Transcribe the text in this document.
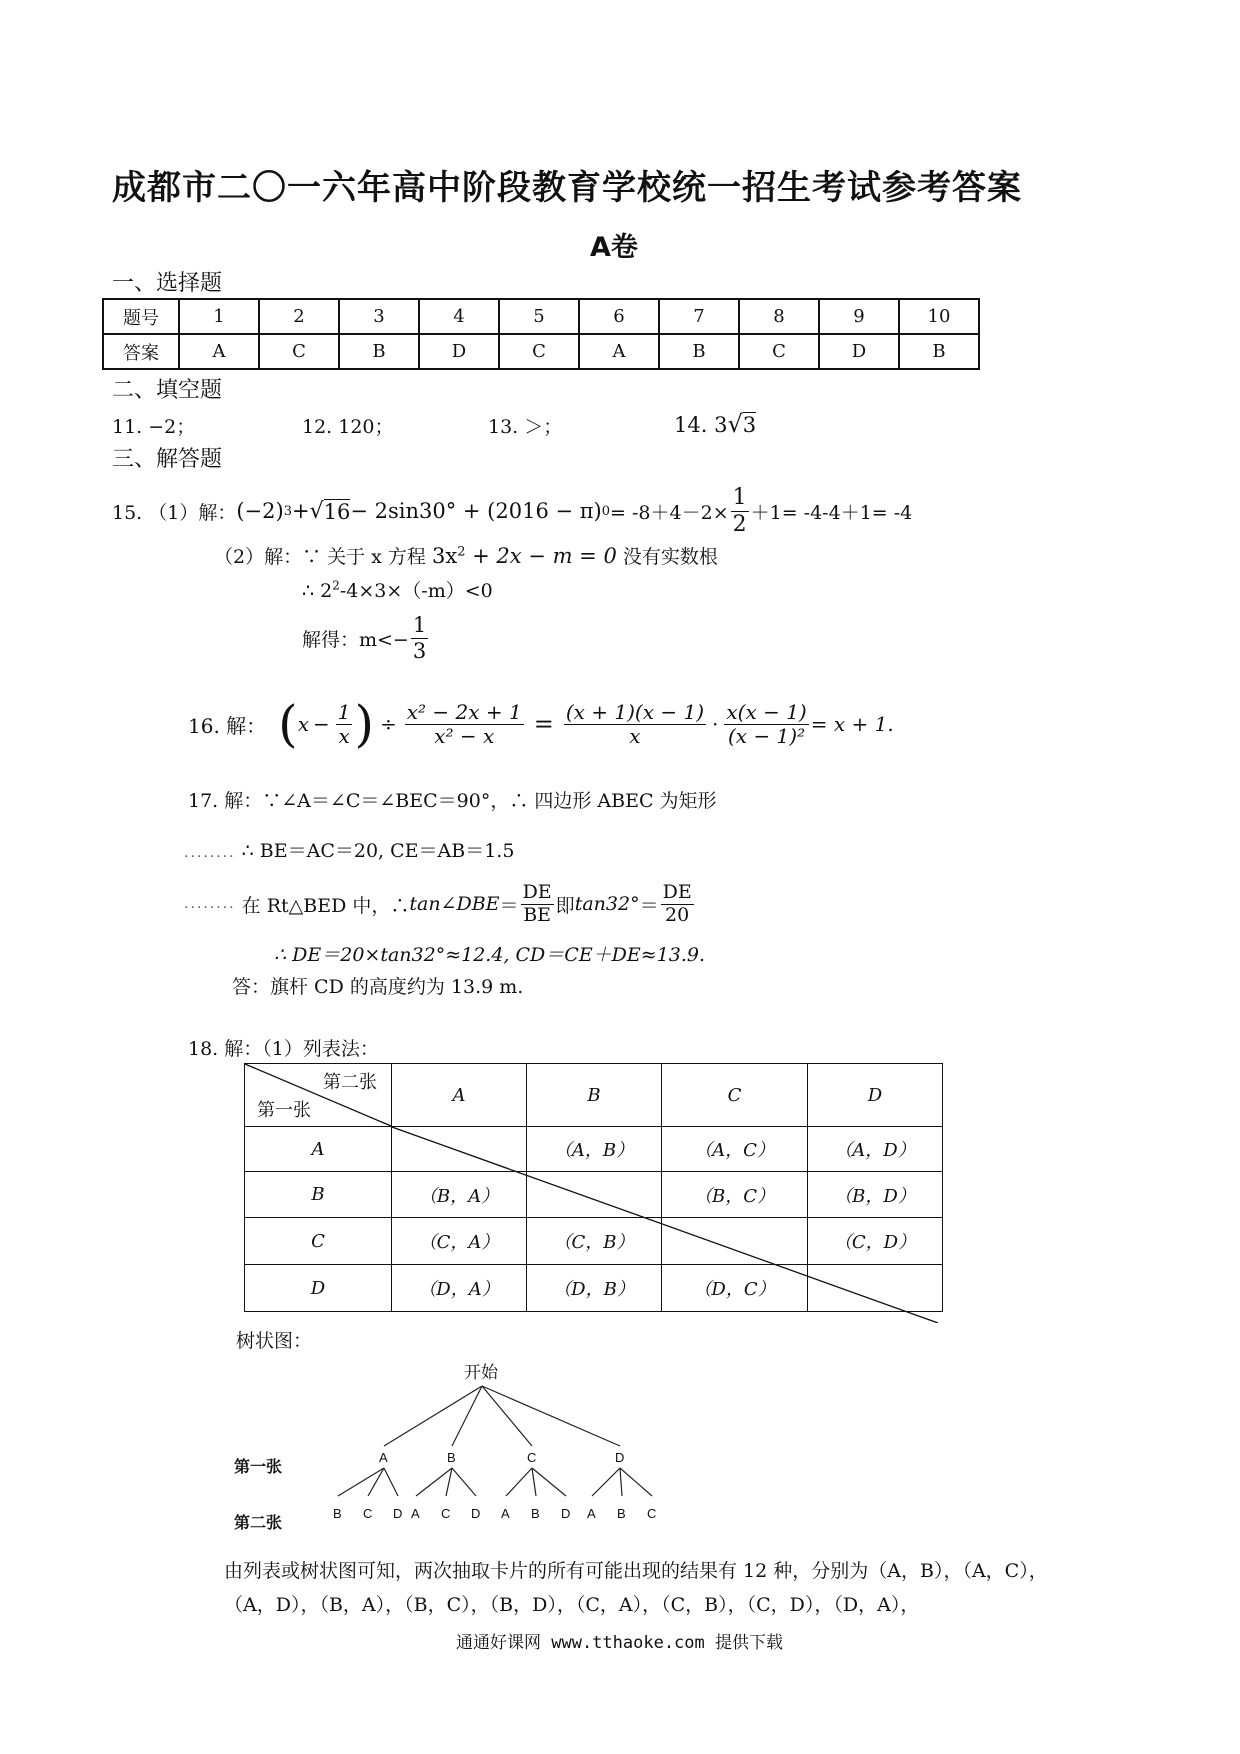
成都市二〇一六年高中阶段教育学校统一招生考试参考答案
A卷
一、选择题
题号	1	2	3	4	5	6	7	8	9	10
答案	A	C	B	D	C	A	B	C	D	B
二、填空题
11. −2；	12. 120；	13. ＞；	14. 3√3
三、解答题
15. （1）解： (−2) 3 + √ 16 − 2sin30° + (2016 − π) $0 = -8+4-2\times \frac{1}{2} +1= -4-4+1= -4$
（2）解：∵ 关于 x 方程 $3x^2 + 2x - m = 0$ 没有实数根
∴ $2^2-4\times 3\times(-m)<0$
解得：$m<- \frac{1}{3}$
16. 解： ( $x - \frac{1}{x}$ ) ÷ $\frac{\text{x² − 2x + 1}}{\text{x² − x}} = \frac{(x + 1)(x - 1)}{x} \cdot \frac{x(x - 1)}{\text{(x − 1)²}} = x + 1$.
17. 解：∵∠A＝∠C＝∠BEC＝90°，∴ 四边形 ABEC 为矩形
........ ∴ BE＝AC＝20, CE＝AB＝1.5
........
在 Rt△BED 中，∴ tan∠DBE ＝ $\frac{DE}{BE}$ 即 $\tan 32^\circ = \frac{DE}{20}$
∴ DE＝20×tan32°≈12.4, CD＝CE＋DE≈13.9.
答：旗杆 CD 的高度约为 13.9 m.
18. 解：（1）列表法：
第二张
第一张	A	B	C	D
A		（A，B）	（A，C）	（A，D）
B	（B，A）		（B，C）	（B，D）
C	（C，A）	（C，B）		（C，D）
D	（D，A）	（D，B）	（D，C）	
树状图：
开始
第一张
第二张
A	B	C	D
B C D A C D A B D A B C
由列表或树状图可知，两次抽取卡片的所有可能出现的结果有 12 种，分别为（A，B），（A，C），
（A，D），（B，A），（B，C），（B，D），（C，A），（C，B），（C，D），（D，A），
通通好课网 www.tthaoke.com 提供下载
